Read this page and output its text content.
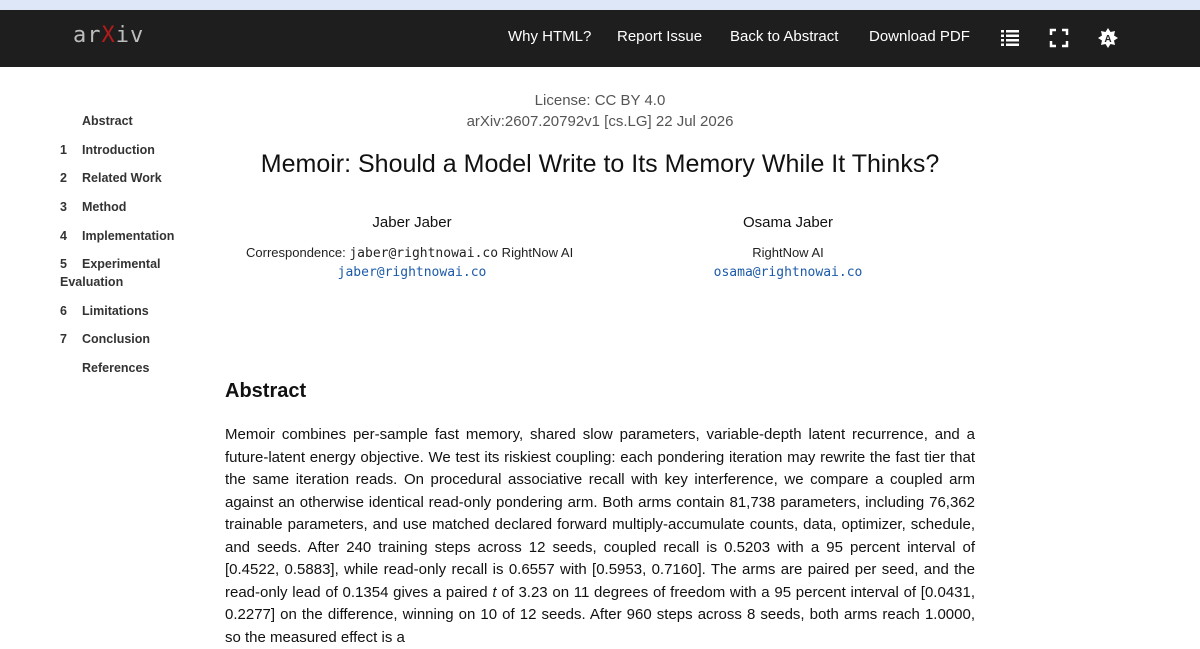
arXiv	Why HTML? Report Issue Back to Abstract Download PDF	A
Abstract
1	Introduction
2	Related Work
3	Method
4	Implementation
5	Experimental
Evaluation
6	Limitations
7	Conclusion
References
License: CC BY 4.0
arXiv:2607.20792v1 [cs.LG] 22 Jul 2026
Memoir: Should a Model Write to Its Memory While It Thinks?
Jaber Jaber
Correspondence: jaber@rightnowai.co RightNow AI
jaber@rightnowai.co
Osama Jaber
RightNow AI
osama@rightnowai.co
Abstract

Memoir combines per-sample fast memory, shared slow parameters, variable-depth latent recurrence, and a future-latent energy objective. We test its riskiest coupling: each pondering iteration may rewrite the fast tier that the same iteration reads. On procedural associative recall with key interference, we compare a coupled arm against an otherwise identical read-only pondering arm. Both arms contain 81,738 parameters, including 76,362 trainable parameters, and use matched declared forward multiply-accumulate counts, data, optimizer, schedule, and seeds. After 240 training steps across 12 seeds, coupled recall is 0.5203 with a 95 percent interval of [0.4522, 0.5883], while read-only recall is 0.6557 with [0.5953, 0.7160]. The arms are paired per seed, and the read-only lead of 0.1354 gives a paired t of 3.23 on 11 degrees of freedom with a 95 percent interval of [0.0431, 0.2277] on the difference, winning on 10 of 12 seeds. After 960 steps across 8 seeds, both arms reach 1.0000, so the measured effect is a
